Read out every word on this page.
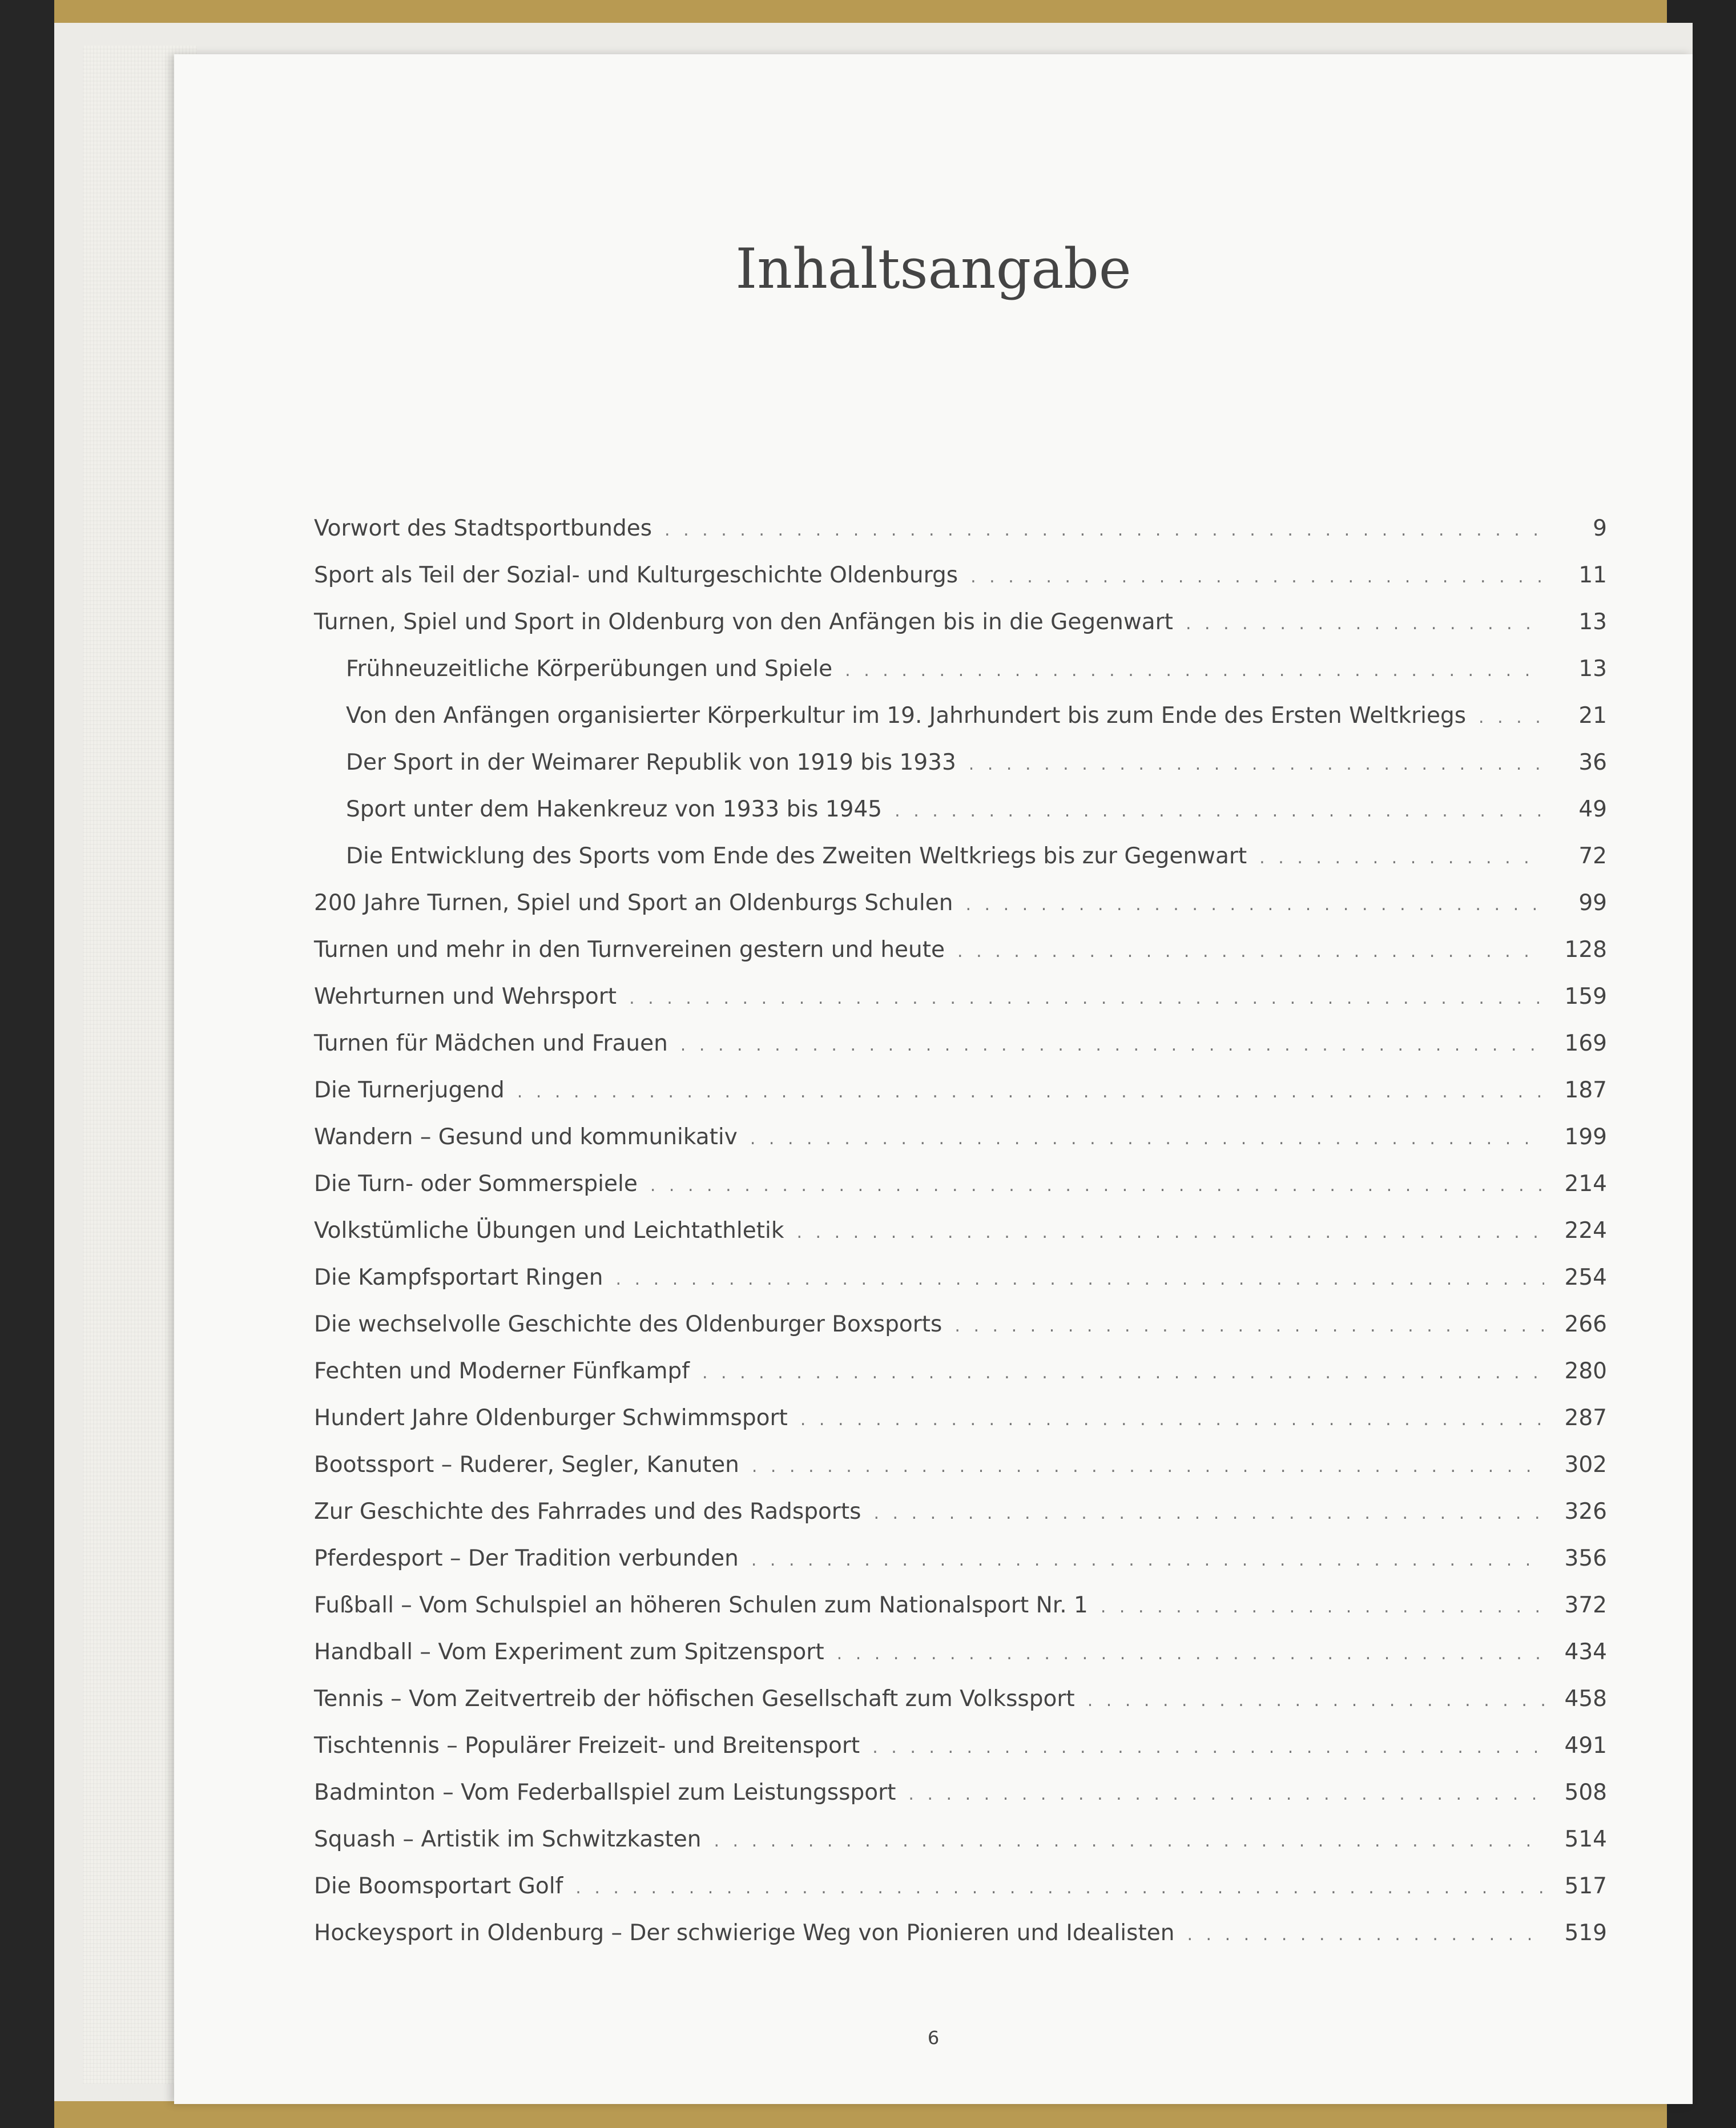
Inhaltsangabe
Vorwort des Stadtsportbundes . . .	9
Sport als Teil der Sozial- und Kulturgeschichte Oldenburgs . . .	11
Turnen, Spiel und Sport in Oldenburg von den Anfängen bis in die Gegenwart . . .	13
Frühneuzeitliche Körperübungen und Spiele . . .	13
Von den Anfängen organisierter Körperkultur im 19. Jahrhundert bis zum Ende des Ersten Weltkriegs . . .	21
Der Sport in der Weimarer Republik von 1919 bis 1933 . . .	36
Sport unter dem Hakenkreuz von 1933 bis 1945 . . .	49
Die Entwicklung des Sports vom Ende des Zweiten Weltkriegs bis zur Gegenwart . . .	72
200 Jahre Turnen, Spiel und Sport an Oldenburgs Schulen . . .	99
Turnen und mehr in den Turnvereinen gestern und heute . . .	128
Wehrturnen und Wehrsport . . .	159
Turnen für Mädchen und Frauen . . .	169
Die Turnerjugend . . .	187
Wandern – Gesund und kommunikativ . . .	199
Die Turn- oder Sommerspiele . . .	214
Volkstümliche Übungen und Leichtathletik . . .	224
Die Kampfsportart Ringen . . .	254
Die wechselvolle Geschichte des Oldenburger Boxsports . . .	266
Fechten und Moderner Fünfkampf . . .	280
Hundert Jahre Oldenburger Schwimmsport . . .	287
Bootssport – Ruderer, Segler, Kanuten . . .	302
Zur Geschichte des Fahrrades und des Radsports . . .	326
Pferdesport – Der Tradition verbunden . . .	356
Fußball – Vom Schulspiel an höheren Schulen zum Nationalsport Nr. 1 . . .	372
Handball – Vom Experiment zum Spitzensport . . .	434
Tennis – Vom Zeitvertreib der höfischen Gesellschaft zum Volkssport . . .	458
Tischtennis – Populärer Freizeit- und Breitensport . . .	491
Badminton – Vom Federballspiel zum Leistungssport . . .	508
Squash – Artistik im Schwitzkasten . . .	514
Die Boomsportart Golf . . .	517
Hockeysport in Oldenburg – Der schwierige Weg von Pionieren und Idealisten . . .	519
6
